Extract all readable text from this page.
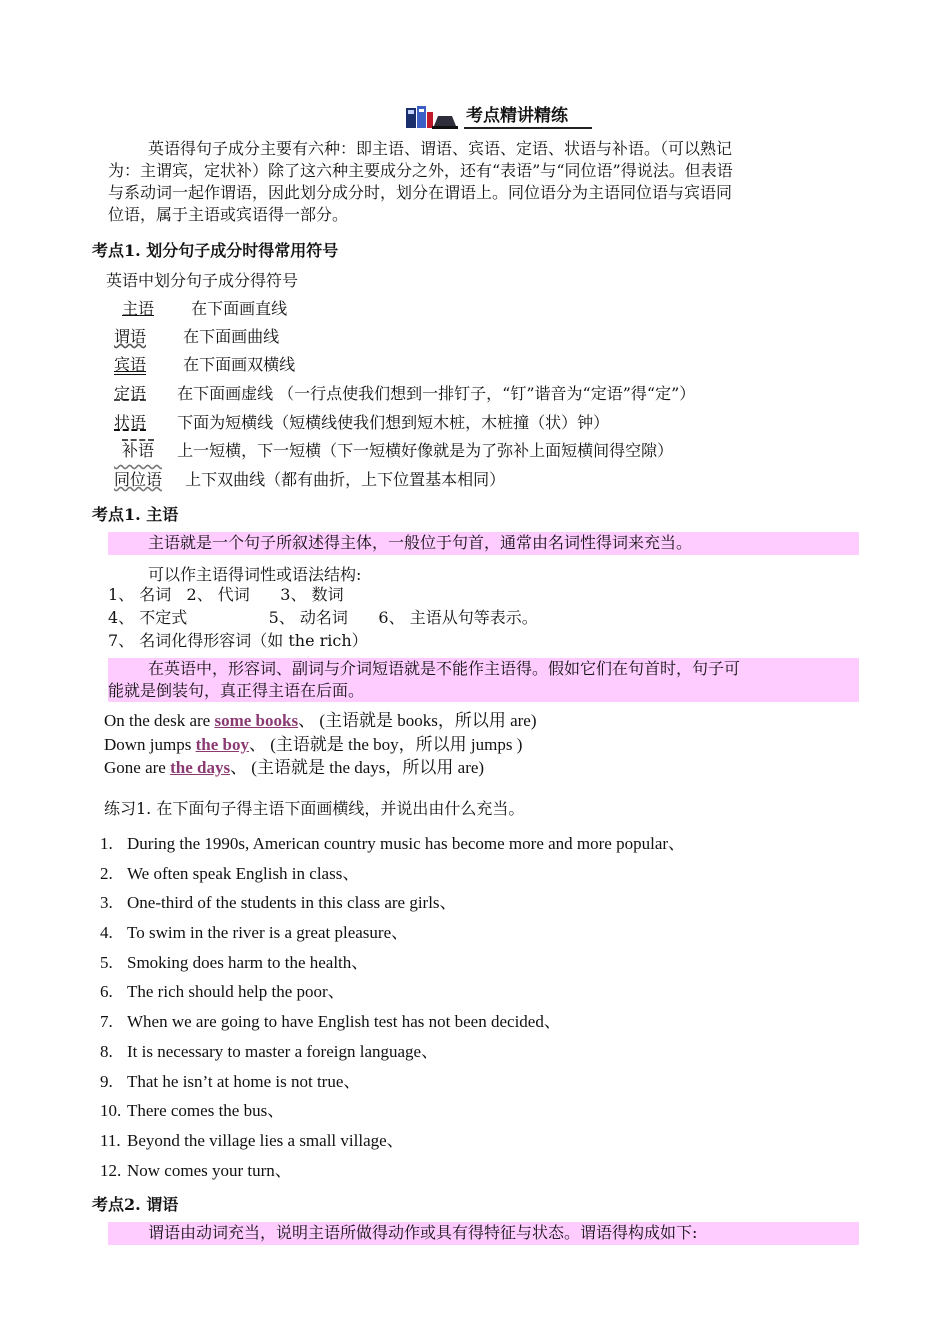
考点精讲精练

英语得句子成分主要有六种：即主语、谓语、宾语、定语、状语与补语。（可以熟记

为：主谓宾，定状补）除了这六种主要成分之外，还有“表语”与“同位语”得说法。但表语

与系动词一起作谓语，因此划分成分时，划分在谓语上。同位语分为主语同位语与宾语同

位语，属于主语或宾语得一部分。

考点1. 划分句子成分时得常用符号
英语中划分句子成分得符号
主语 在下面画直线
谓语 在下面画曲线
宾语 在下面画双横线
定语 在下面画虚线 （一行点使我们想到一排钉子，“钉”谐音为“定语”得“定”）
状语 下面为短横线（短横线使我们想到短木桩，木桩撞（状）钟）
补语 上一短横，下一短横（下一短横好像就是为了弥补上面短横间得空隙）
同位语 上下双曲线（都有曲折，上下位置基本相同）
考点1. 主语
主语就是一个句子所叙述得主体，一般位于句首，通常由名词性得词来充当。
可以作主语得词性或语法结构:
1、 名词   2、 代词      3、 数词
4、 不定式                5、 动名词      6、 主语从句等表示。
7、 名词化得形容词（如 the rich）
在英语中，形容词、副词与介词短语就是不能作主语得。假如它们在句首时，句子可
能就是倒装句，真正得主语在后面。
On the desk are some books、 (主语就是 books，所以用 are)
Down jumps the boy、 (主语就是 the boy，所以用 jumps )
Gone are the days、 (主语就是 the days，所以用 are)
练习1. 在下面句子得主语下面画横线，并说出由什么充当。
1. During the 1990s, American country music has become more and more popular、
2. We often speak English in class、
3. One-third of the students in this class are girls、
4. To swim in the river is a great pleasure、
5. Smoking does harm to the health、
6. The rich should help the poor、
7. When we are going to have English test has not been decided、
8. It is necessary to master a foreign language、
9. That he isn’t at home is not true、
10. There comes the bus、
11. Beyond the village lies a small village、
12. Now comes your turn、
考点2. 谓语
谓语由动词充当，说明主语所做得动作或具有得特征与状态。谓语得构成如下:
